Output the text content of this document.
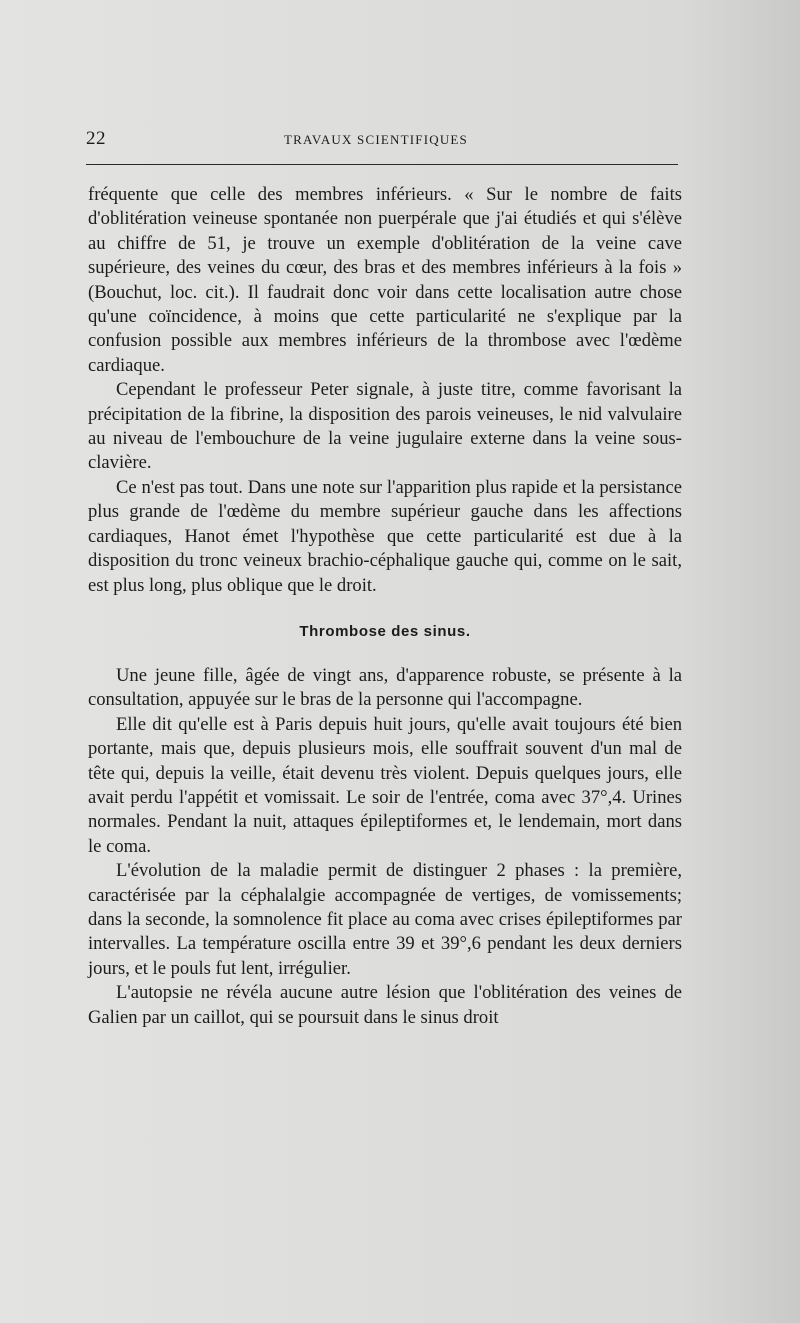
22	TRAVAUX SCIENTIFIQUES

fréquente que celle des membres inférieurs. « Sur le nombre de faits d'oblitération veineuse spontanée non puerpérale que j'ai étudiés et qui s'élève au chiffre de 51, je trouve un exemple d'oblitération de la veine cave supérieure, des veines du cœur, des bras et des membres inférieurs à la fois » (Bouchut, loc. cit.). Il faudrait donc voir dans cette localisation autre chose qu'une coïncidence, à moins que cette particularité ne s'explique par la confusion possible aux membres inférieurs de la thrombose avec l'œdème cardiaque.

Cependant le professeur Peter signale, à juste titre, comme favorisant la précipitation de la fibrine, la disposition des parois veineuses, le nid valvulaire au niveau de l'embouchure de la veine jugulaire externe dans la veine sous-clavière.

Ce n'est pas tout. Dans une note sur l'apparition plus rapide et la persistance plus grande de l'œdème du membre supérieur gauche dans les affections cardiaques, Hanot émet l'hypothèse que cette particularité est due à la disposition du tronc veineux brachio-céphalique gauche qui, comme on le sait, est plus long, plus oblique que le droit.

Thrombose des sinus.

Une jeune fille, âgée de vingt ans, d'apparence robuste, se présente à la consultation, appuyée sur le bras de la personne qui l'accompagne.

Elle dit qu'elle est à Paris depuis huit jours, qu'elle avait toujours été bien portante, mais que, depuis plusieurs mois, elle souffrait souvent d'un mal de tête qui, depuis la veille, était devenu très violent. Depuis quelques jours, elle avait perdu l'appétit et vomissait. Le soir de l'entrée, coma avec 37°,4. Urines normales. Pendant la nuit, attaques épileptiformes et, le lendemain, mort dans le coma.

L'évolution de la maladie permit de distinguer 2 phases : la première, caractérisée par la céphalalgie accompagnée de vertiges, de vomissements; dans la seconde, la somnolence fit place au coma avec crises épileptiformes par intervalles. La température oscilla entre 39 et 39°,6 pendant les deux derniers jours, et le pouls fut lent, irrégulier.

L'autopsie ne révéla aucune autre lésion que l'oblitération des veines de Galien par un caillot, qui se poursuit dans le sinus droit
